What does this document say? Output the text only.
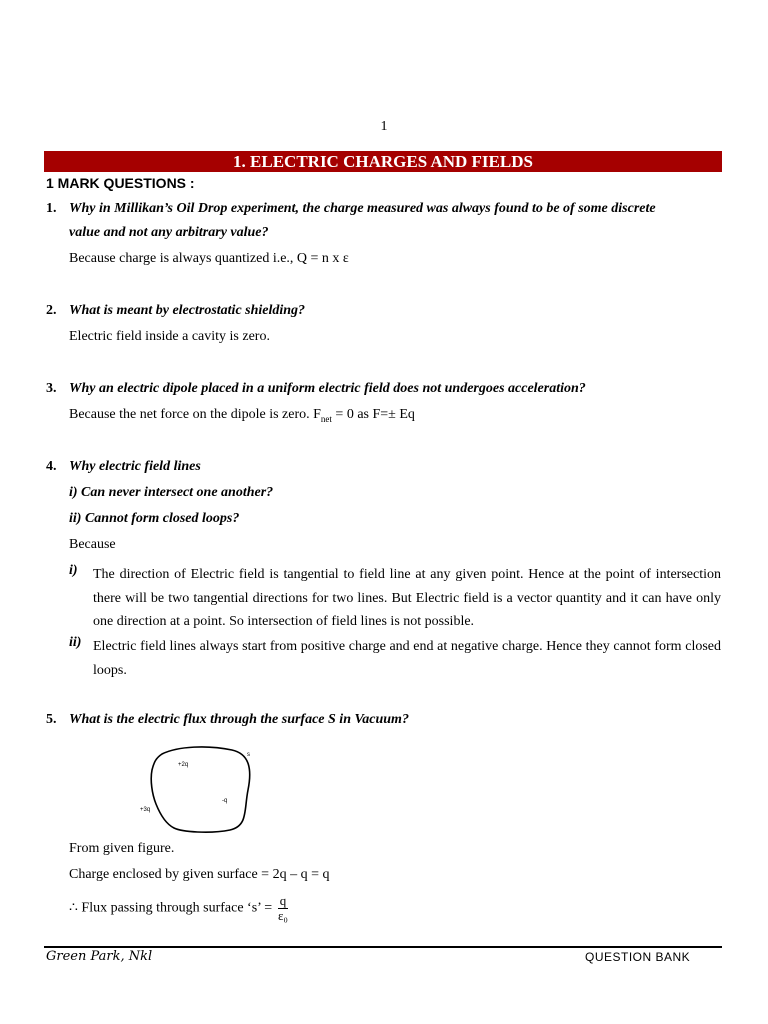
1
1. ELECTRIC CHARGES AND FIELDS
1 MARK QUESTIONS :
1. Why in Millikan’s Oil Drop experiment, the charge measured was always found to be of some discrete
value and not any arbitrary value?
Because charge is always quantized i.e., Q = n x ε
2. What is meant by electrostatic shielding?
Electric field inside a cavity is zero.
3. Why an electric dipole placed in a uniform electric field does not undergoes acceleration?
Because the net force on the dipole is zero. $F_{net} = 0$ as F=± Eq
4. Why electric field lines
i) Can never intersect one another?
ii) Cannot form closed loops?
Because
i) The direction of Electric field is tangential to field line at any given point. Hence at the point of intersection there will be two tangential directions for two lines. But Electric field is a vector quantity and it can have only one direction at a point. So intersection of field lines is not possible.
ii) Electric field lines always start from positive charge and end at negative charge. Hence they cannot form closed loops.
5. What is the electric flux through the surface S in Vacuum?
s
+2q
-q
+3q
From given figure.
Charge enclosed by given surface = 2q – q = q
∴ Flux passing through surface ‘s’ = $\frac{q}{\text{ε₀}}$
Green Park, Nkl	QUESTION BANK
